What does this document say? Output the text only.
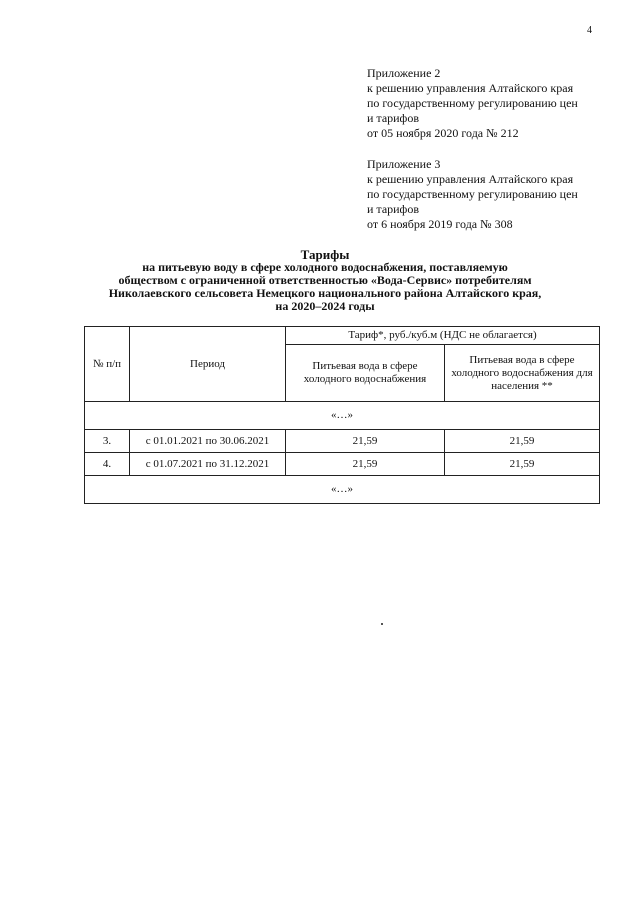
4
Приложение 2
к решению управления Алтайского края
по государственному регулированию цен
и тарифов
от 05 ноября 2020 года № 212
Приложение 3
к решению управления Алтайского края
по государственному регулированию цен
и тарифов
от 6 ноября 2019 года № 308
Тарифы
на питьевую воду в сфере холодного водоснабжения, поставляемую
обществом с ограниченной ответственностью «Вода-Сервис» потребителям
Николаевского сельсовета Немецкого национального района Алтайского края,
на 2020–2024 годы
№ п/п	Период	Тариф*, руб./куб.м (НДС не облагается)	
		Питьевая вода в сфере холодного водоснабжения	Питьевая вода в сфере холодного водоснабжения для населения **
«…»			
3.	с 01.01.2021 по 30.06.2021	21,59	21,59
4.	с 01.07.2021 по 31.12.2021	21,59	21,59
«…»			
